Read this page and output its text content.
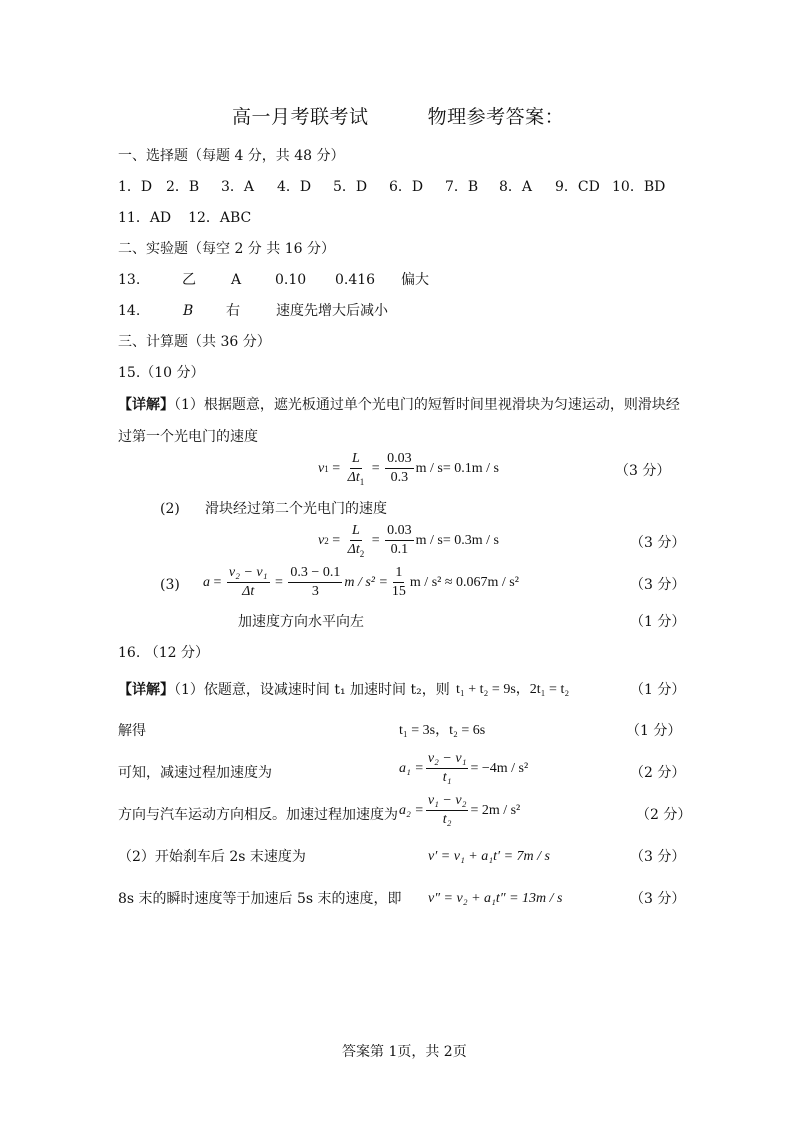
高一月考联考试	物理参考答案：
一、选择题（每题 4 分，共 48 分）
1．D 2．B	3．A	4．D	5．D	6．D	7．B	8．A	9．CD 10．BD
11．AD 12．ABC
二、实验题（每空 2 分 共 16 分）
13.	乙	A 0.10 0.416 偏大
14.	B 右	速度先增大后减小
三、计算题（共 36 分）
15.（10 分）
【详解】（1）根据题意，遮光板通过单个光电门的短暂时间里视滑块为匀速运动，则滑块经
过第一个光电门的速度
v $1 = \frac{L}{\Delta t_1} = \frac{0.03}{0.3}$ m / s = 0.1m / s	（3 分）
(2) 滑块经过第二个光电门的速度
v $2 = \frac{L}{\Delta t_2} = \frac{0.03}{0.1}$ m / s = 0.3m / s	（3 分）
(3) $a = \frac{\text{v₂ − v₁}}{\Delta t} = \frac{0.3 - 0.1}{3}$ $m / s^2 = \frac{1}{15}$ m / s² ≈ 0.067m / s²	（3 分）
加速度方向水平向左	（1 分）
16. （12 分）
【详解】（1）依题意，设减速时间 t₁ 加速时间 t₂，则 t₁ + t₂ = 9s，2t₁ = t₂	（1 分）
解得	t₁ = 3s，t₂ = 6s	（1 分）
可知，减速过程加速度为	$a_1 = \frac{\text{v₂ − v₁}}{\text{t₁}} = -4m / s^2$	（2 分）
方向与汽车运动方向相反。加速过程加速度为 $a_2 = \frac{\text{v₁ − v₂}}{\text{t₂}} = 2m / s^2$	（2 分）
（2）开始刹车后 2s 末速度为	v′ = v₁ + a₁t′ = 7m / s	（3 分）
8s 末的瞬时速度等于加速后 5s 末的速度，即 v″ = v₂ + a₁t″ = 13m / s	（3 分）
答案第 1页，共 2页
